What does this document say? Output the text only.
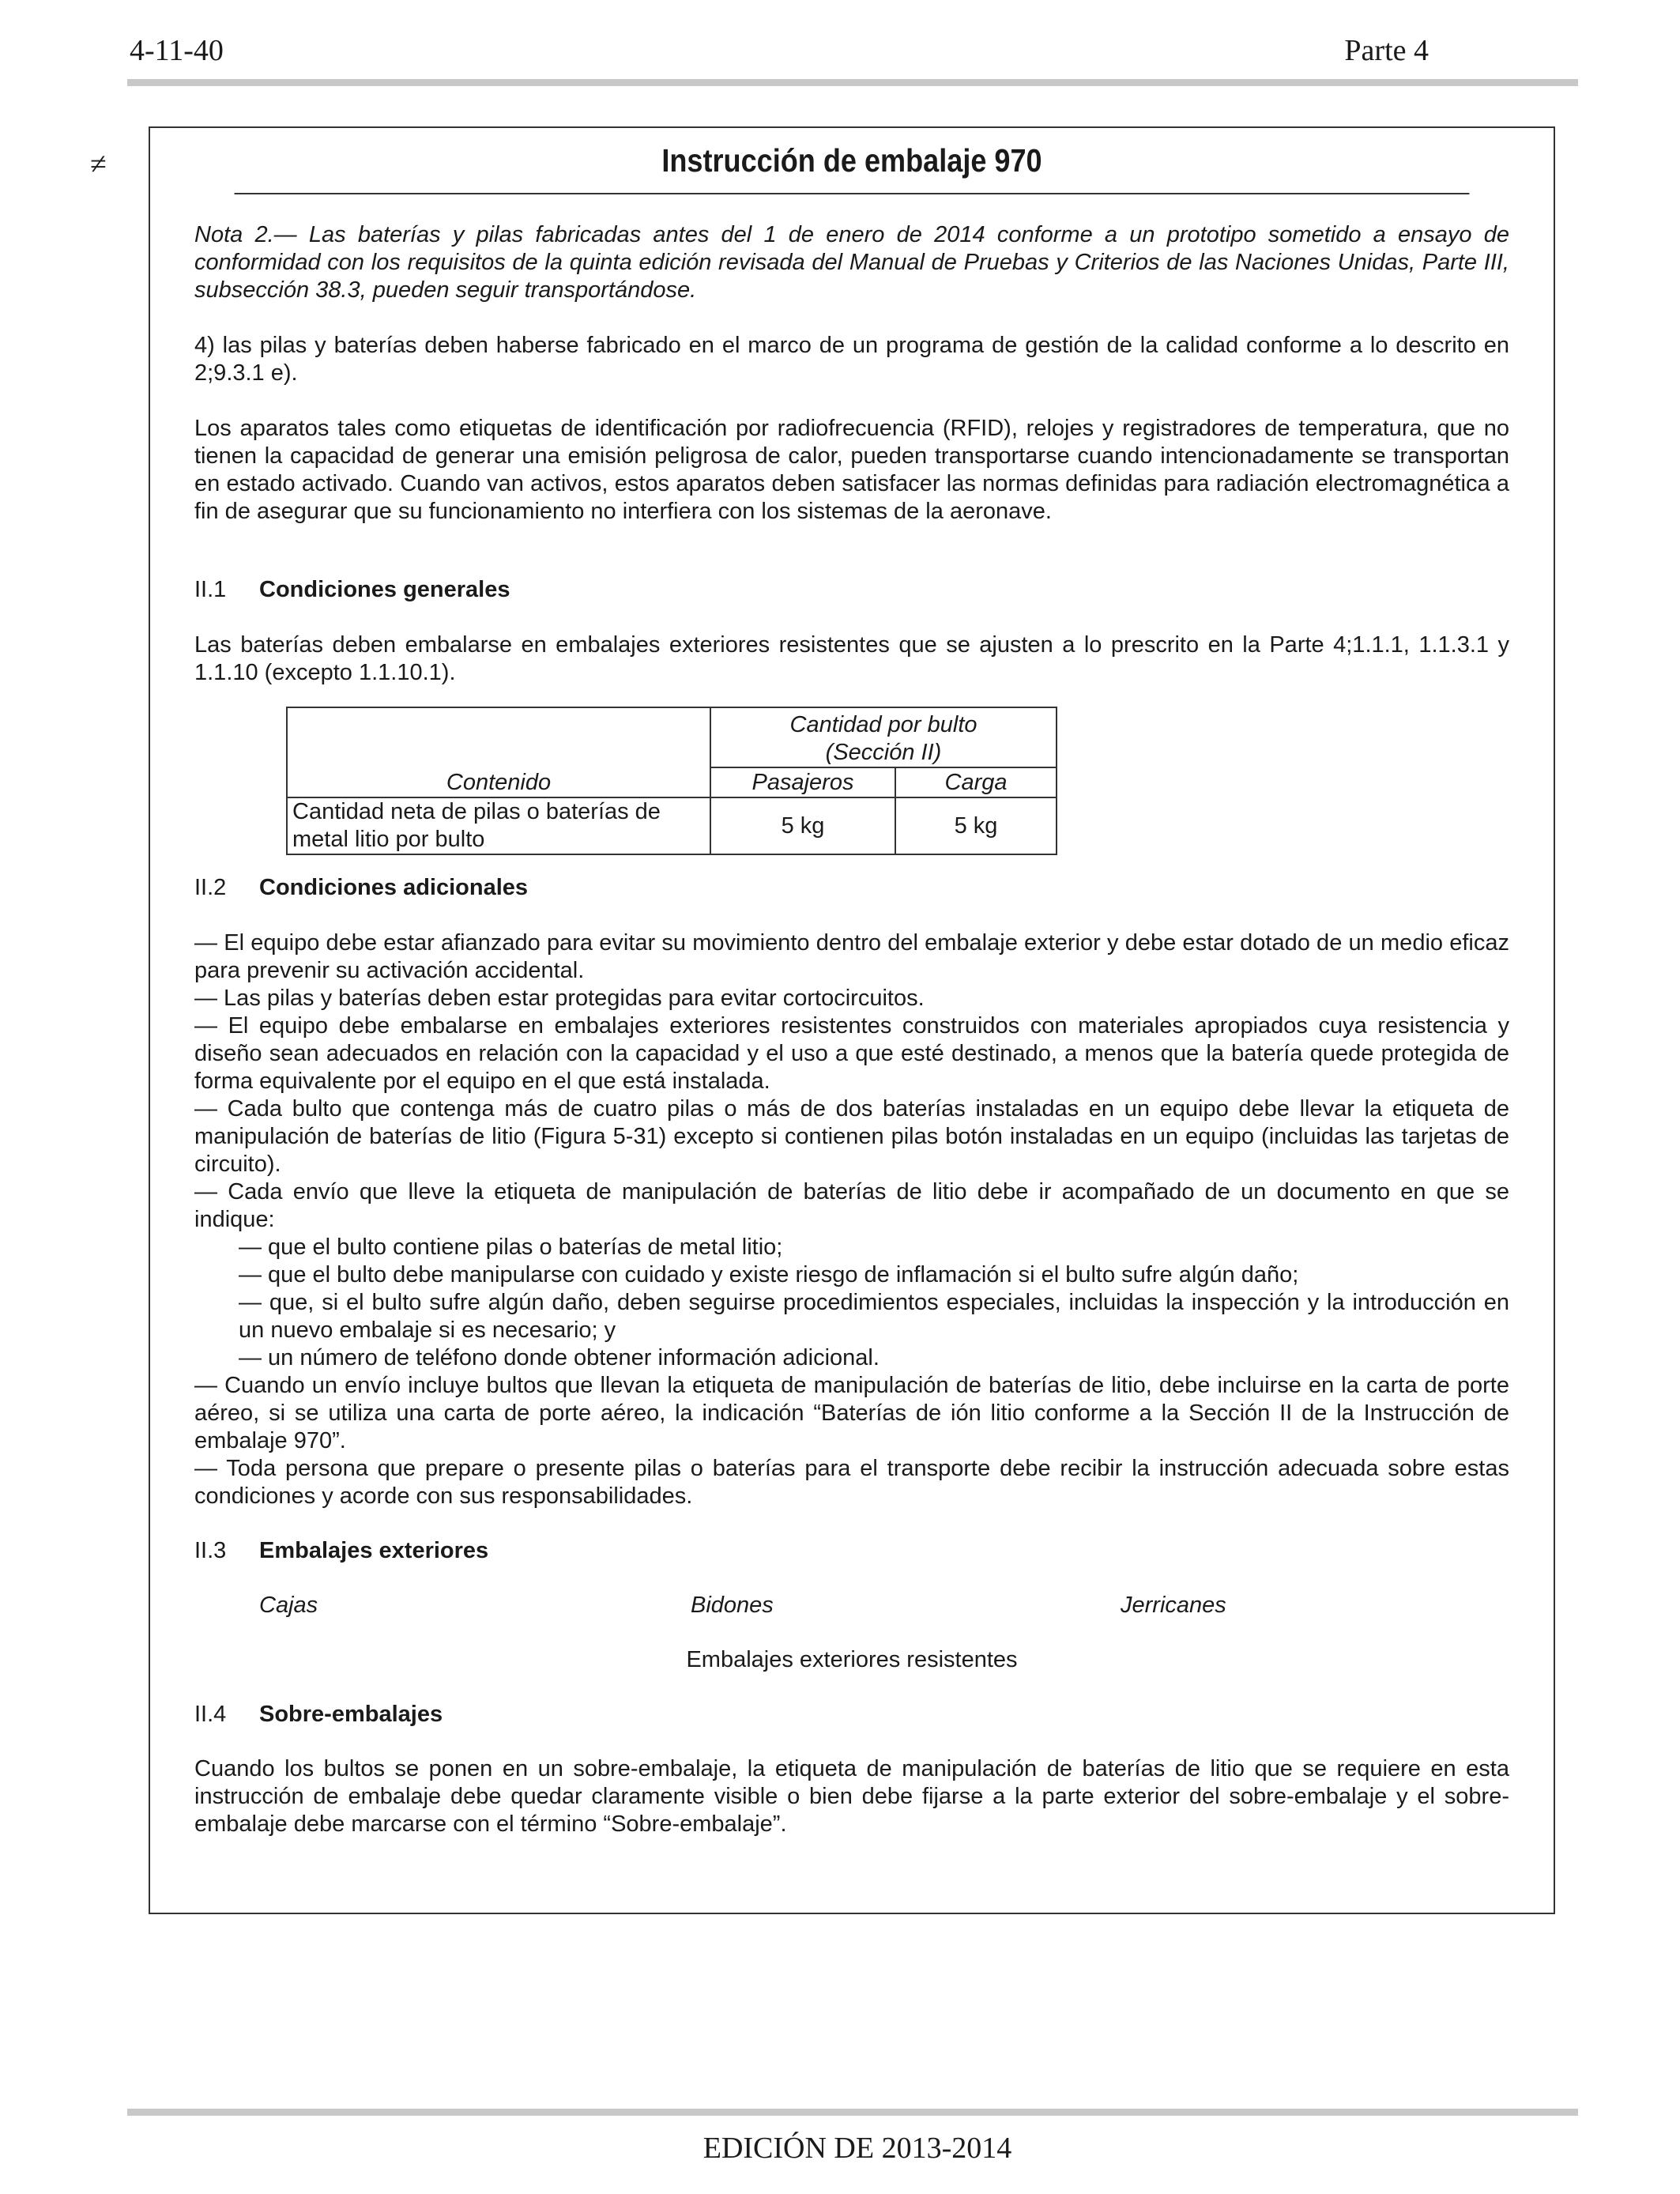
4-11-40	Parte 4
≠	Instrucción de embalaje 970

Nota 2.— Las baterías y pilas fabricadas antes del 1 de enero de 2014 conforme a un prototipo sometido a ensayo de conformidad con los requisitos de la quinta edición revisada del Manual de Pruebas y Criterios de las Naciones Unidas, Parte III, subsección 38.3, pueden seguir transportándose.

4) las pilas y baterías deben haberse fabricado en el marco de un programa de gestión de la calidad conforme a lo descrito en 2;9.3.1 e).

Los aparatos tales como etiquetas de identificación por radiofrecuencia (RFID), relojes y registradores de temperatura, que no tienen la capacidad de generar una emisión peligrosa de calor, pueden transportarse cuando intencionadamente se transportan en estado activado. Cuando van activos, estos aparatos deben satisfacer las normas definidas para radiación electromagnética a fin de asegurar que su funcionamiento no interfiera con los sistemas de la aeronave.

II.1 Condiciones generales

Las baterías deben embalarse en embalajes exteriores resistentes que se ajusten a lo prescrito en la Parte 4;1.1.1, 1.1.3.1 y 1.1.10 (excepto 1.1.10.1).

Contenido	Cantidad por bulto
(Sección II)	

	Pasajeros	Carga
Cantidad neta de pilas o baterías de metal litio por bulto	5 kg	5 kg

II.2 Condiciones adicionales

— El equipo debe estar afianzado para evitar su movimiento dentro del embalaje exterior y debe estar dotado de un medio eficaz para prevenir su activación accidental.

— Las pilas y baterías deben estar protegidas para evitar cortocircuitos.

— El equipo debe embalarse en embalajes exteriores resistentes construidos con materiales apropiados cuya resistencia y diseño sean adecuados en relación con la capacidad y el uso a que esté destinado, a menos que la batería quede protegida de forma equivalente por el equipo en el que está instalada.

— Cada bulto que contenga más de cuatro pilas o más de dos baterías instaladas en un equipo debe llevar la etiqueta de manipulación de baterías de litio (Figura 5-31) excepto si contienen pilas botón instaladas en un equipo (incluidas las tarjetas de circuito).

— Cada envío que lleve la etiqueta de manipulación de baterías de litio debe ir acompañado de un documento en que se indique:

— que el bulto contiene pilas o baterías de metal litio;

— que el bulto debe manipularse con cuidado y existe riesgo de inflamación si el bulto sufre algún daño;

— que, si el bulto sufre algún daño, deben seguirse procedimientos especiales, incluidas la inspección y la introducción en un nuevo embalaje si es necesario; y

— un número de teléfono donde obtener información adicional.

— Cuando un envío incluye bultos que llevan la etiqueta de manipulación de baterías de litio, debe incluirse en la carta de porte aéreo, si se utiliza una carta de porte aéreo, la indicación “Baterías de ión litio conforme a la Sección II de la Instrucción de embalaje 970”.

— Toda persona que prepare o presente pilas o baterías para el transporte debe recibir la instrucción adecuada sobre estas condiciones y acorde con sus responsabilidades.

II.3 Embalajes exteriores

Cajas	Bidones	Jerricanes

Embalajes exteriores resistentes

II.4 Sobre-embalajes

Cuando los bultos se ponen en un sobre-embalaje, la etiqueta de manipulación de baterías de litio que se requiere en esta instrucción de embalaje debe quedar claramente visible o bien debe fijarse a la parte exterior del sobre-embalaje y el sobre-embalaje debe marcarse con el término “Sobre-embalaje”.

EDICIÓN DE 2013-2014
